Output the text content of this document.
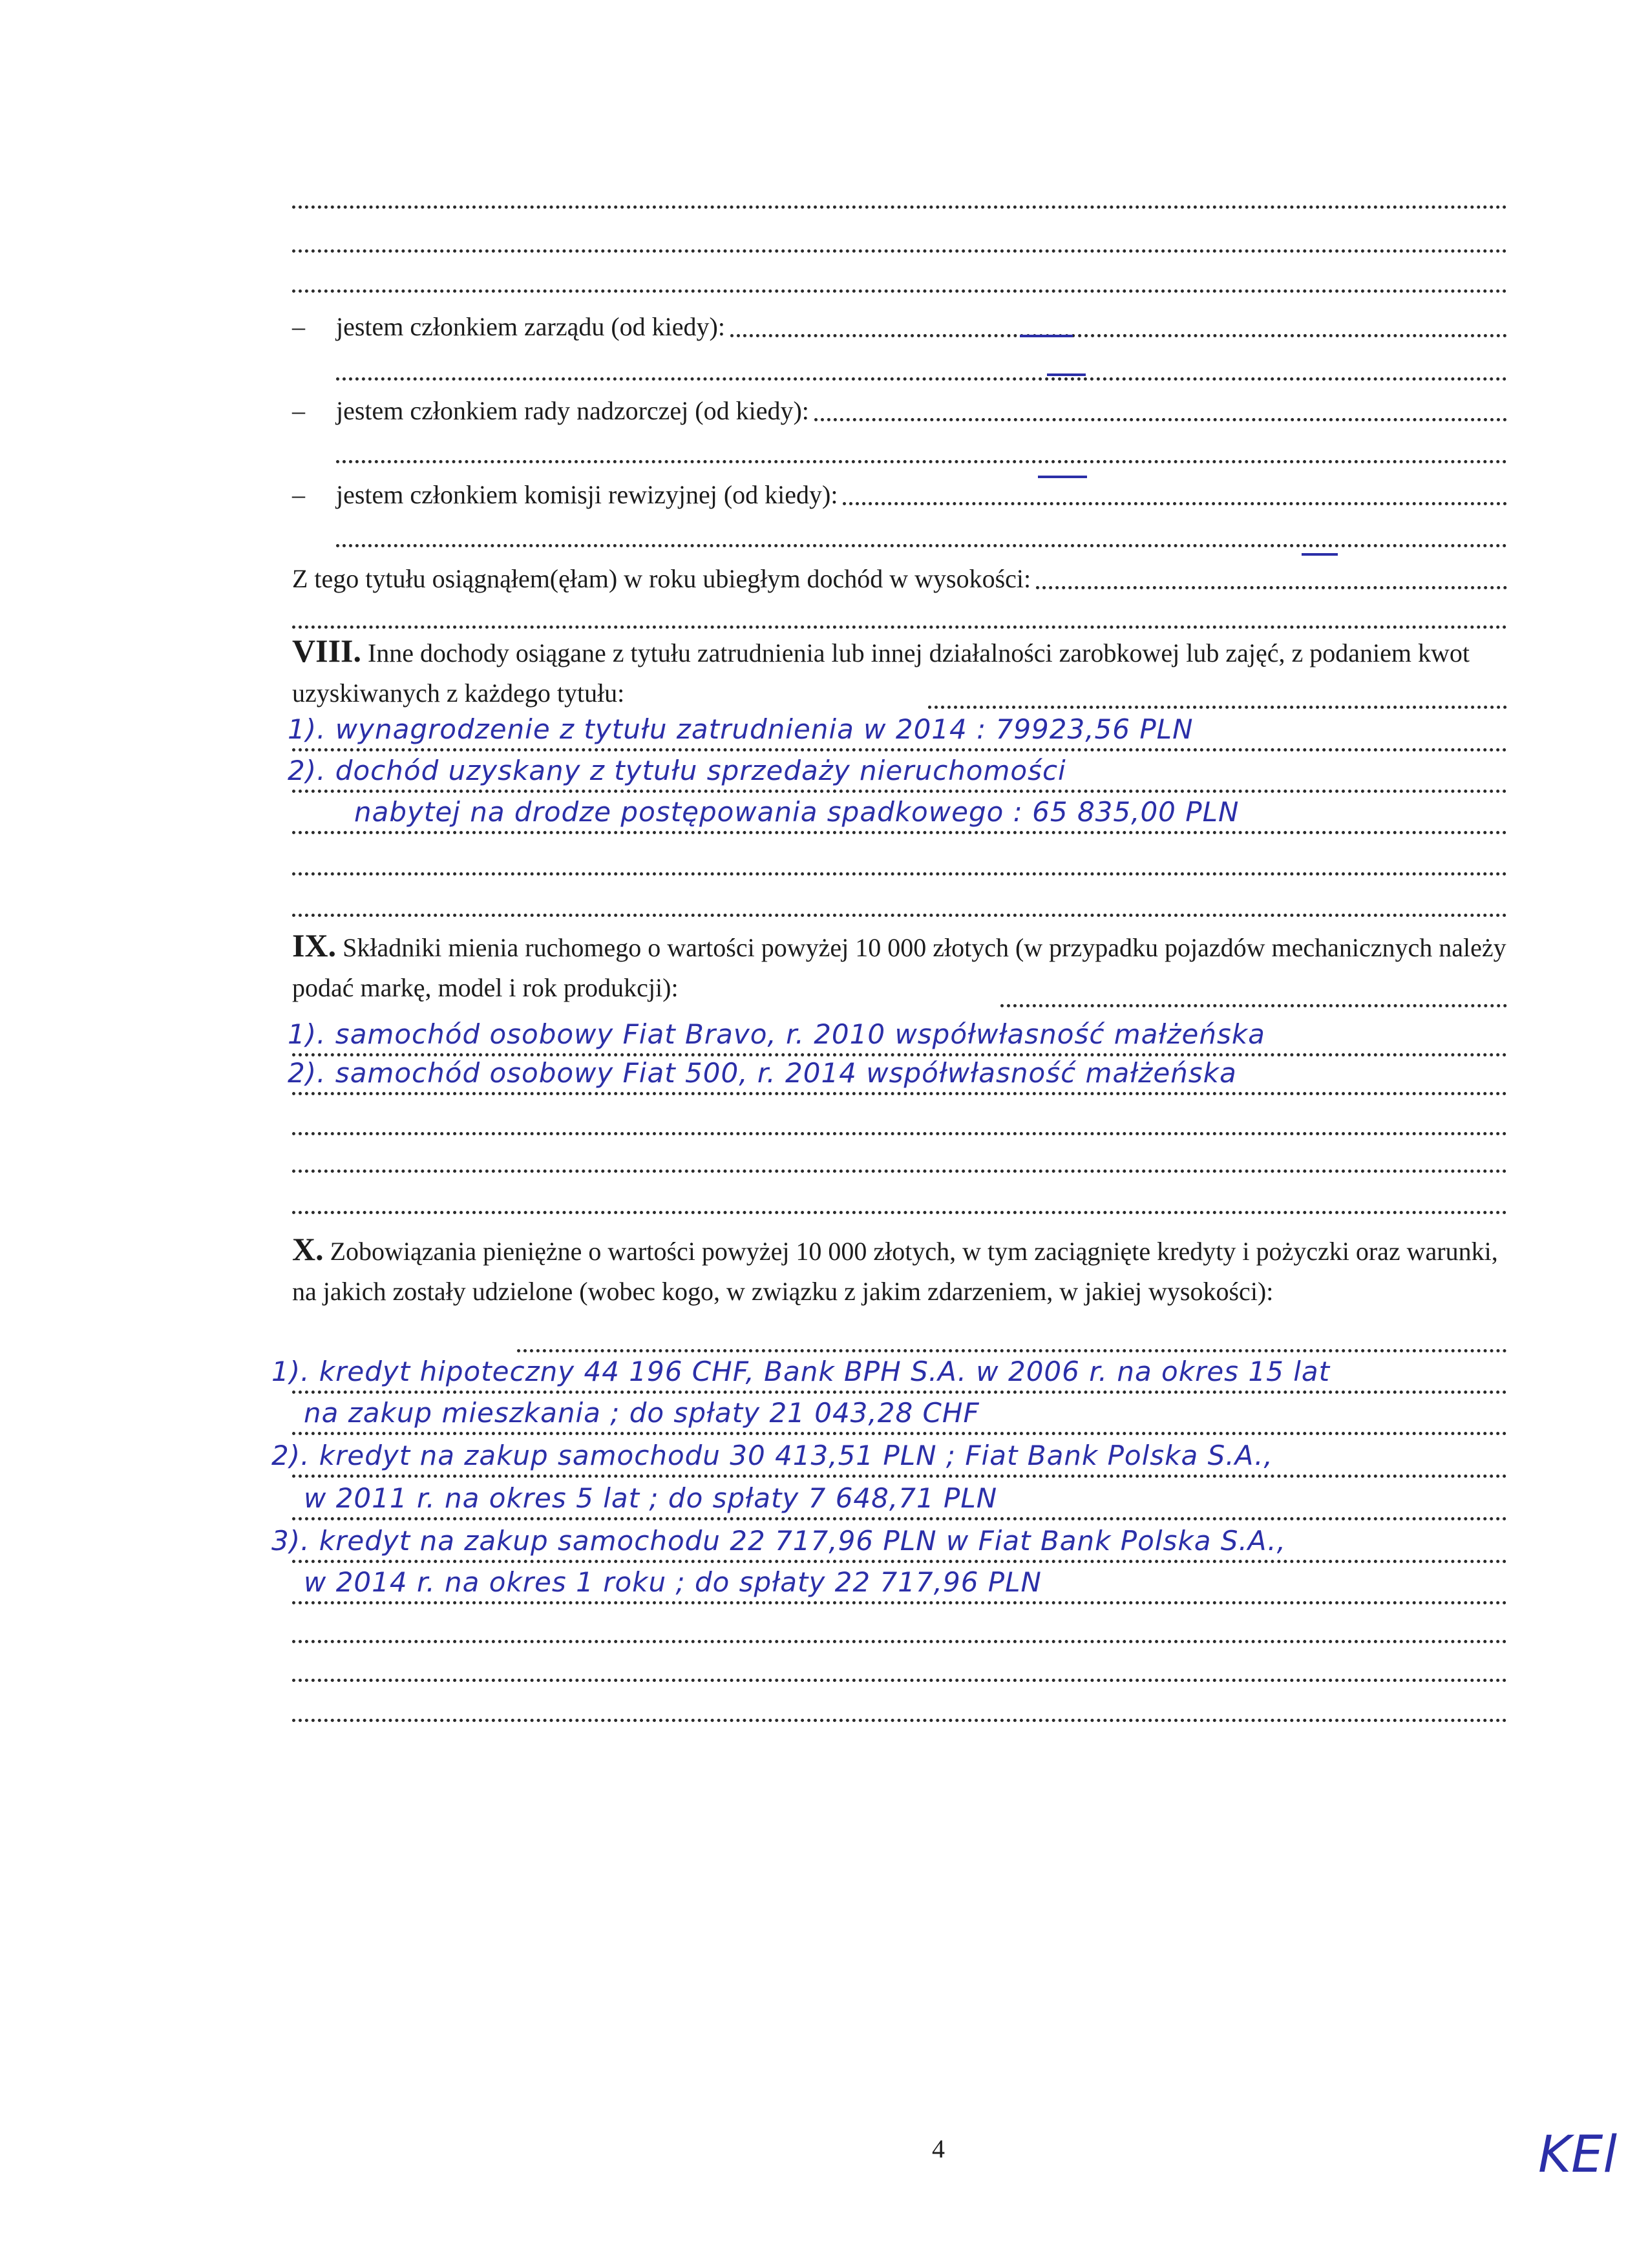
– jestem członkiem zarządu (od kiedy):
– jestem członkiem rady nadzorczej (od kiedy):
– jestem członkiem komisji rewizyjnej (od kiedy):
Z tego tytułu osiągnąłem(ęłam) w roku ubiegłym dochód w wysokości:
VIII. Inne dochody osiągane z tytułu zatrudnienia lub innej działalności zarobkowej lub zajęć, z podaniem kwot uzyskiwanych z każdego tytułu:
1). wynagrodzenie z tytułu zatrudnienia w 2014 : 79923,56 PLN
2). dochód uzyskany z tytułu sprzedaży nieruchomości
nabytej na drodze postępowania spadkowego : 65 835,00 PLN
IX. Składniki mienia ruchomego o wartości powyżej 10 000 złotych (w przypadku pojazdów mechanicznych należy podać markę, model i rok produkcji):
1). samochód osobowy Fiat Bravo, r. 2010 współwłasność małżeńska
2). samochód osobowy Fiat 500, r. 2014 współwłasność małżeńska
X. Zobowiązania pieniężne o wartości powyżej 10 000 złotych, w tym zaciągnięte kredyty i pożyczki oraz warunki, na jakich zostały udzielone (wobec kogo, w związku z jakim zdarzeniem, w jakiej wysokości):
1). kredyt hipoteczny 44 196 CHF, Bank BPH S.A. w 2006 r. na okres 15 lat
na zakup mieszkania ; do spłaty 21 043,28 CHF
2). kredyt na zakup samochodu 30 413,51 PLN ; Fiat Bank Polska S.A.,
w 2011 r. na okres 5 lat ; do spłaty 7 648,71 PLN
3). kredyt na zakup samochodu 22 717,96 PLN w Fiat Bank Polska S.A.,
w 2014 r. na okres 1 roku ; do spłaty 22 717,96 PLN
4	KEl
